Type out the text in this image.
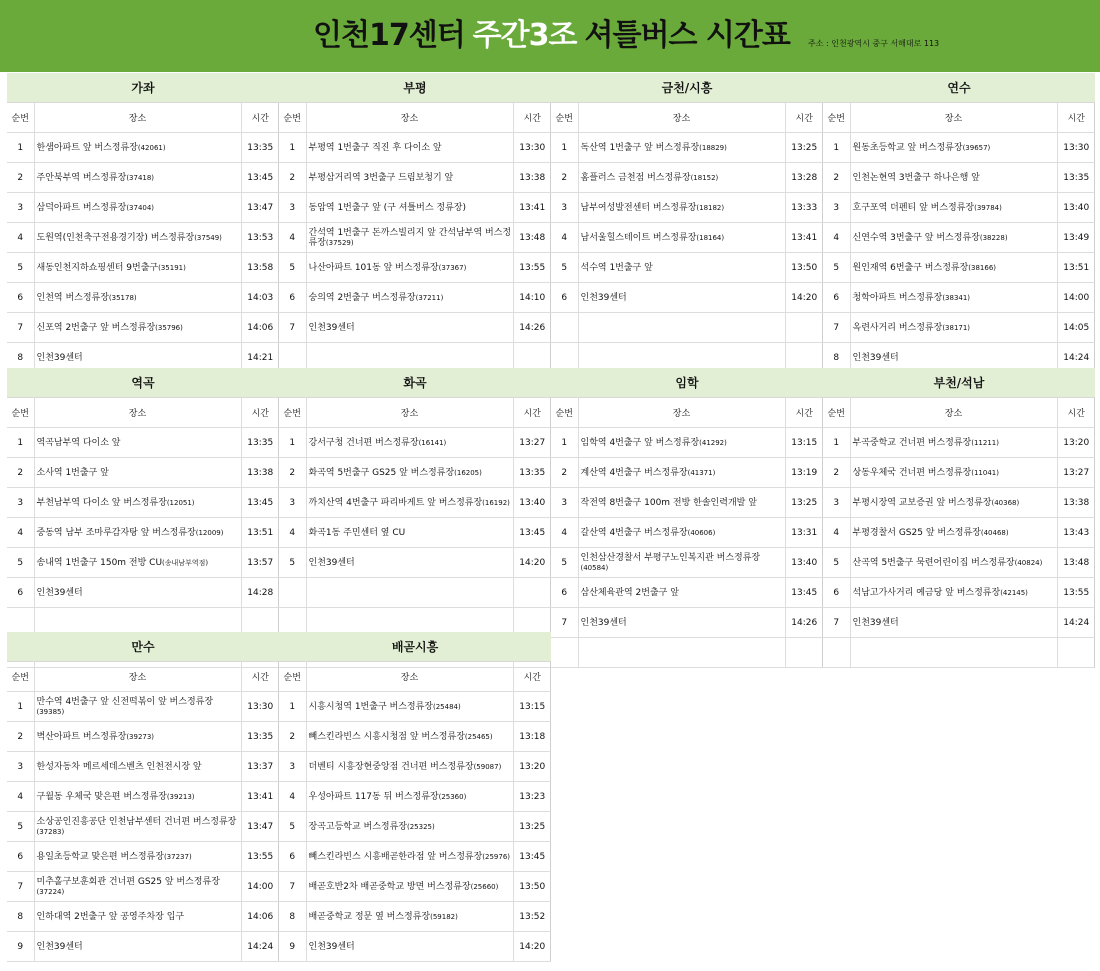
인천17센터 주간3조 셔틀버스 시간표 주소 : 인천광역시 중구 서해대로 113
가좌		
순번	장소	시간
1	한샘아파트 앞 버스정류장(42061)	13:35
2	주안북부역 버스정류장(37418)	13:45
3	삼덕아파트 버스정류장(37404)	13:47
4	도원역(인천축구전용경기장) 버스정류장(37549)	13:53
5	새동인천지하쇼핑센터 9번출구(35191)	13:58
6	인천역 버스정류장(35178)	14:03
7	신포역 2번출구 앞 버스정류장(35796)	14:06
8	인천39센터	14:21
부평		
순번	장소	시간
1	부평역 1번출구 직진 후 다이소 앞	13:30
2	부평삼거리역 3번출구 드림보청기 앞	13:38
3	동암역 1번출구 앞 (구 셔틀버스 정류장)	13:41
4	간석역 1번출구 돈까스빌리지 앞 간석남부역 버스정류장(37529)	13:48
5	나산아파트 101동 앞 버스정류장(37367)	13:55
6	숭의역 2번출구 버스정류장(37211)	14:10
7	인천39센터	14:26

금천/시흥		
순번	장소	시간
1	독산역 1번출구 앞 버스정류장(18829)	13:25
2	홈플러스 금천점 버스정류장(18152)	13:28
3	남부여성발전센터 버스정류장(18182)	13:33
4	남서울힐스테이트 버스정류장(18164)	13:41
5	석수역 1번출구 앞	13:50
6	인천39센터	14:20

연수		
순번	장소	시간
1	원동초등학교 앞 버스정류장(39657)	13:30
2	인천논현역 3번출구 하나은행 앞	13:35
3	호구포역 더펜티 앞 버스정류장(39784)	13:40
4	신연수역 3번출구 앞 버스정류장(38228)	13:49
5	원인재역 6번출구 버스정류장(38166)	13:51
6	청학아파트 버스정류장(38341)	14:00
7	옥련사거리 버스정류장(38171)	14:05
8	인천39센터	14:24
역곡		
순번	장소	시간
1	역곡남부역 다이소 앞	13:35
2	소사역 1번출구 앞	13:38
3	부천남부역 다이소 앞 버스정류장(12051)	13:45
4	중동역 남부 조마루감자탕 앞 버스정류장(12009)	13:51
5	송내역 1번출구 150m 전방 CU(송내남부역점)	13:57
6	인천39센터	14:28

화곡		
순번	장소	시간
1	강서구청 건너편 버스정류장(16141)	13:27
2	화곡역 5번출구 GS25 앞 버스정류장(16205)	13:35
3	까치산역 4번출구 파리바게트 앞 버스정류장(16192)	13:40
4	화곡1동 주민센터 옆 CU	13:45
5	인천39센터	14:20

임학		
순번	장소	시간
1	임학역 4번출구 앞 버스정류장(41292)	13:15
2	계산역 4번출구 버스정류장(41371)	13:19
3	작전역 8번출구 100m 전방 한솔인력개발 앞	13:25
4	갈산역 4번출구 버스정류장(40606)	13:31
5	인천삼산경찰서 부평구노인복지관 버스정류장(40584)	13:40
6	삼산체육관역 2번출구 앞	13:45
7	인천39센터	14:26

부천/석남		
순번	장소	시간
1	부곡중학교 건너편 버스정류장(11211)	13:20
2	상동우체국 건너편 버스정류장(11041)	13:27
3	부평시장역 교보증권 앞 버스정류장(40368)	13:38
4	부평경찰서 GS25 앞 버스정류장(40468)	13:43
5	산곡역 5번출구 묵련어린이집 버스정류장(40824)	13:48
6	석남고가사거리 예금당 앞 버스정류장(42145)	13:55
7	인천39센터	14:24

만수		
순번	장소	시간
1	만수역 4번출구 앞 신전떡볶이 앞 버스정류장(39385)	13:30
2	벽산아파트 버스정류장(39273)	13:35
3	한성자동차 메르세데스벤츠 인천전시장 앞	13:37
4	구월동 우체국 맞은편 버스정류장(39213)	13:41
5	소상공인진흥공단 인천남부센터 건너편 버스정류장(37283)	13:47
6	용일초등학교 맞은편 버스정류장(37237)	13:55
7	미추홀구보훈회관 건너편 GS25 앞 버스정류장(37224)	14:00
8	인하대역 2번출구 앞 공영주차장 입구	14:06
9	인천39센터	14:24
배곧시흥		
순번	장소	시간
1	시흥시청역 1번출구 버스정류장(25484)	13:15
2	빼스킨라빈스 시흥시청점 앞 버스정류장(25465)	13:18
3	더벤티 시흥장현중앙점 건너편 버스정류장(59087)	13:20
4	우성아파트 117동 뒤 버스정류장(25360)	13:23
5	장곡고등학교 버스정류장(25325)	13:25
6	빼스킨라빈스 시흥배곧한라점 앞 버스정류장(25976)	13:45
7	배곧호반2차 배곧중학교 방면 버스정류장(25660)	13:50
8	배곧중학교 정문 옆 버스정류장(59182)	13:52
9	인천39센터	14:20
